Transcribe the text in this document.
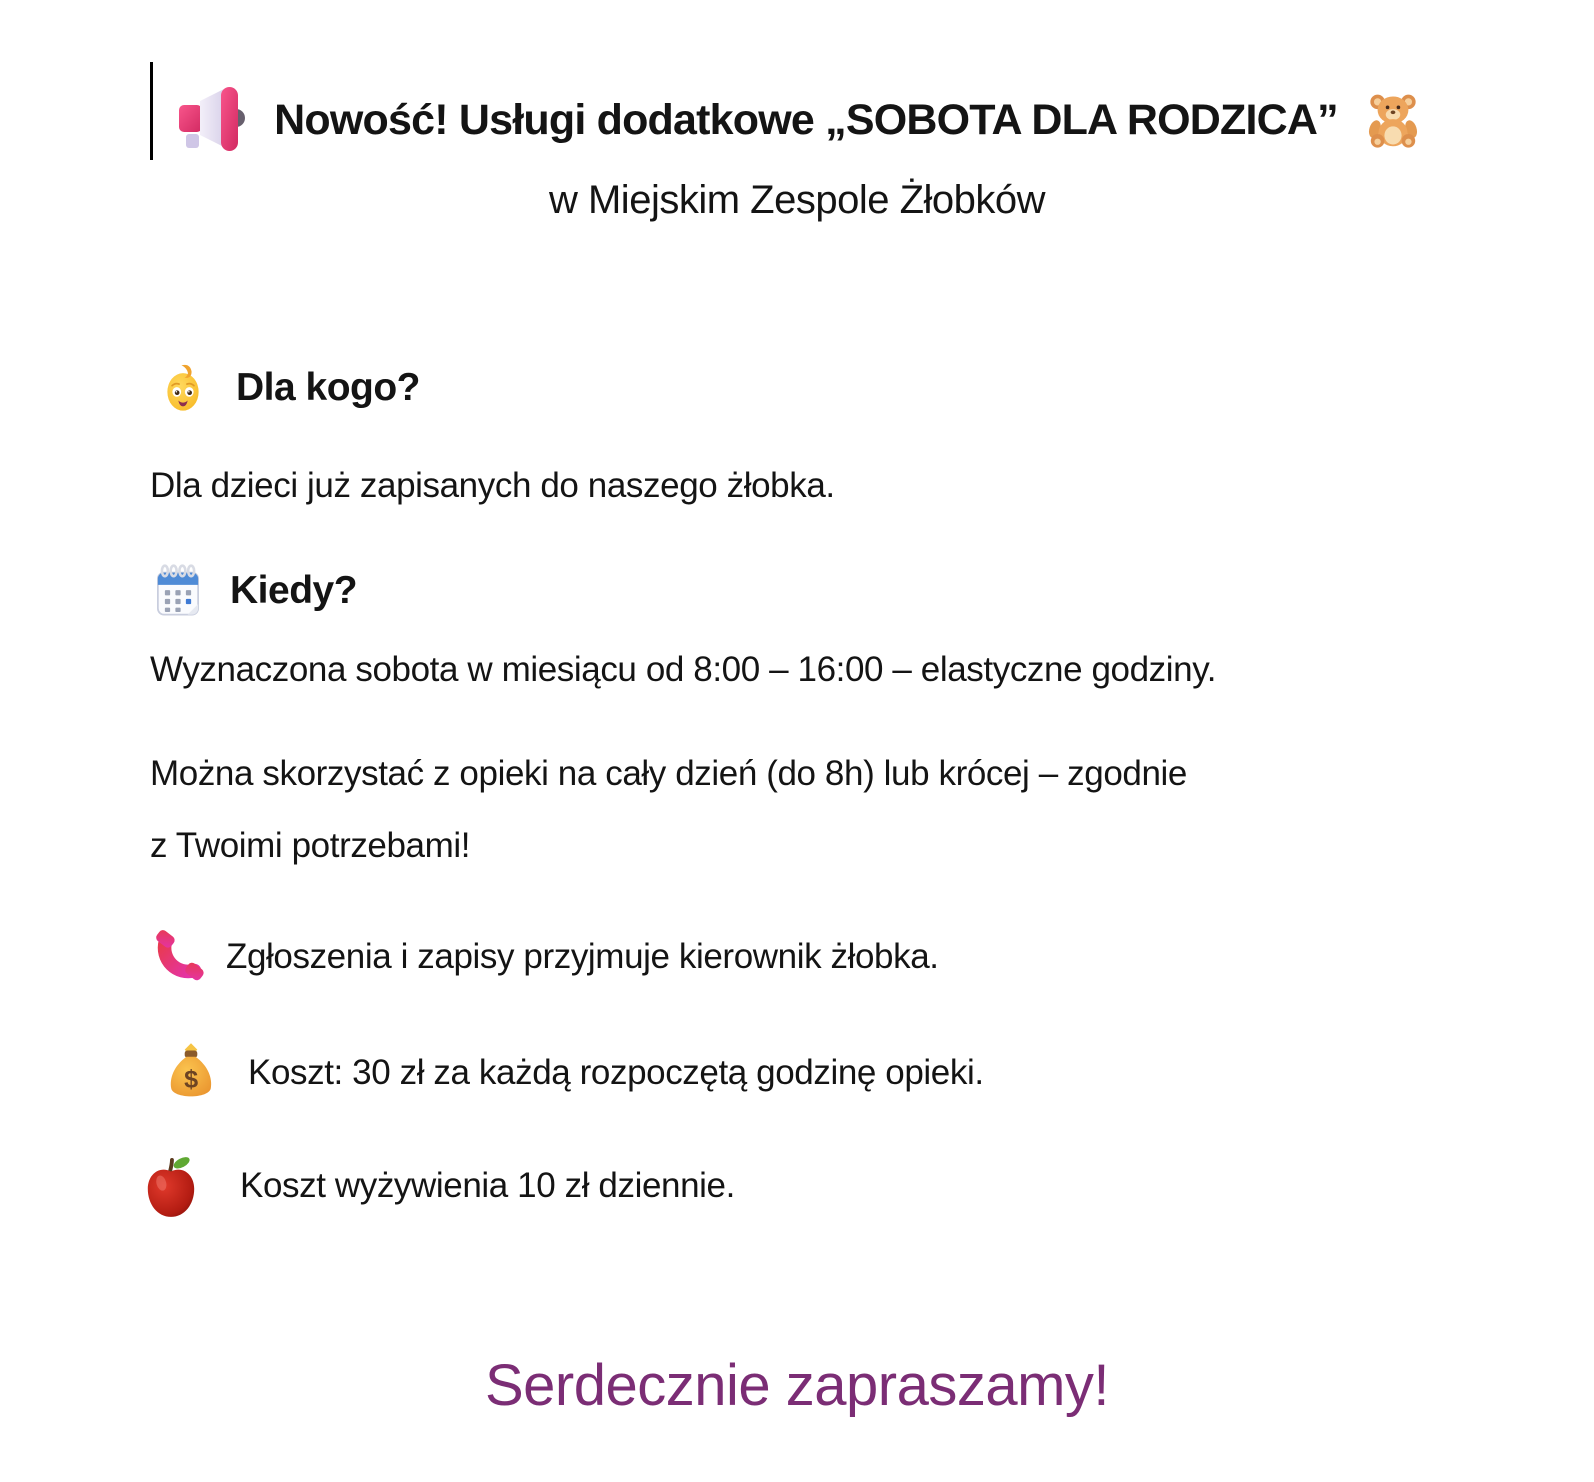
Nowość! Usługi dodatkowe „SOBOTA DLA RODZICA”
w Miejskim Zespole Żłobków
Dla kogo?
Dla dzieci już zapisanych do naszego żłobka.
Kiedy?
Wyznaczona sobota w miesiącu od 8:00 – 16:00 – elastyczne godziny.
Można skorzystać z opieki na cały dzień (do 8h) lub krócej – zgodnie
z Twoimi potrzebami!
Zgłoszenia i zapisy przyjmuje kierownik żłobka.
$ Koszt: 30 zł za każdą rozpoczętą godzinę opieki.
Koszt wyżywienia 10 zł dziennie.
Serdecznie zapraszamy!
